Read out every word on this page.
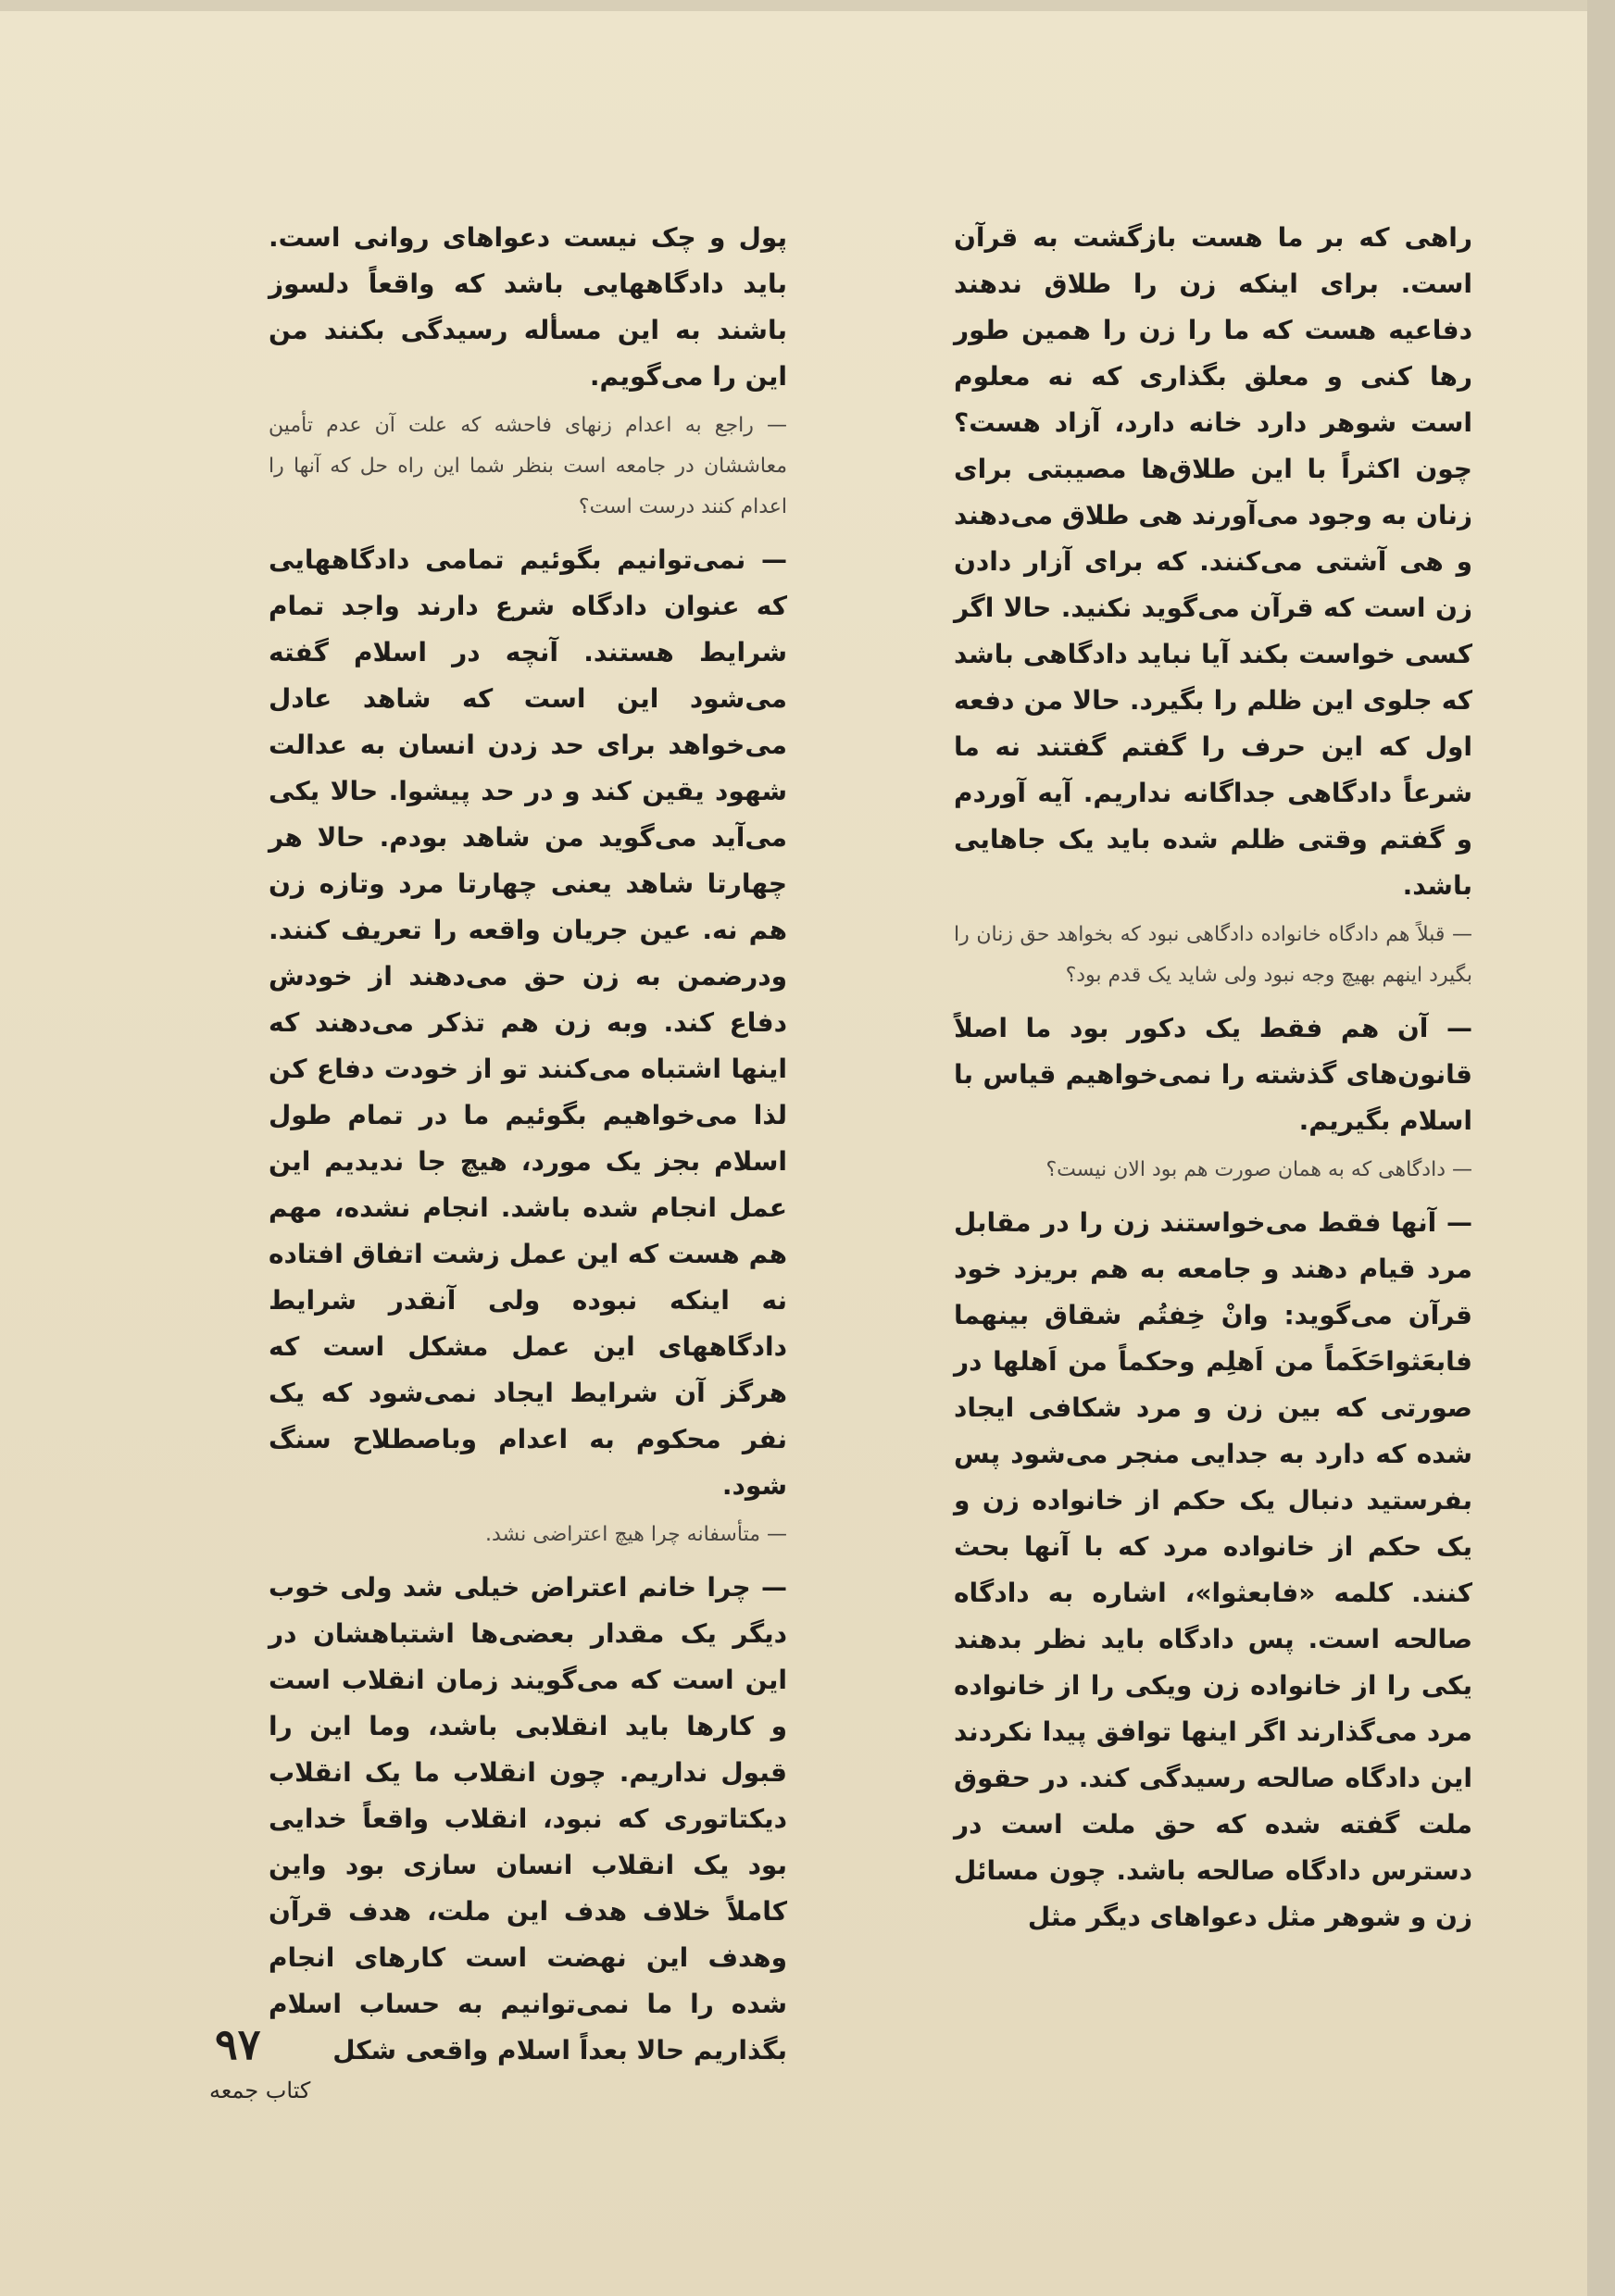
راهی که بر ما هست بازگشت به قرآن است. برای اینکه زن را طلاق ندهند دفاعیه هست که ما را زن را همین طور رها کنی و معلق بگذاری که نه معلوم است شوهر دارد خانه دارد، آزاد هست؟ چون اکثراً با این طلاق‌ها مصیبتی برای زنان به وجود می‌آورند هی طلاق می‌دهند و هی آشتی می‌کنند. که برای آزار دادن زن است که قرآن می‌گوید نکنید. حالا اگر کسی خواست بکند آیا نباید دادگاهی باشد که جلوی این ظلم را بگیرد. حالا من دفعه اول که این حرف را گفتم گفتند نه ما شرعاً دادگاهی جداگانه نداریم. آیه آوردم و گفتم وقتی ظلم شده باید یک جاهایی باشد.

— قبلاً هم دادگاه خانواده دادگاهی نبود که بخواهد حق زنان را بگیرد اینهم بهیچ وجه نبود ولی شاید یک قدم بود؟

— آن هم فقط یک دکور بود ما اصلاً قانون‌های گذشته را نمی‌خواهیم قیاس با اسلام بگیریم.

— دادگاهی که به همان صورت هم بود الان نیست؟

— آنها فقط می‌خواستند زن را در مقابل مرد قیام دهند و جامعه به هم بریزد خود قرآن می‌گوید: وانْ خِفتُم شقاق بینهما فابعَثواحَکَماً من اَهلِم وحکماً من اَهلها در صورتی که بین زن و مرد شکافی ایجاد شده که دارد به جدایی منجر می‌شود پس بفرستید دنبال یک حکم از خانواده زن و یک حکم از خانواده مرد که با آنها بحث کنند. کلمه «فابعثوا»، اشاره به دادگاه صالحه است. پس دادگاه باید نظر بدهند یکی را از خانواده زن ویکی را از خانواده مرد می‌گذارند اگر اینها توافق پیدا نکردند این دادگاه صالحه رسیدگی کند. در حقوق ملت گفته شده که حق ملت است در دسترس دادگاه صالحه باشد. چون مسائل زن و شوهر مثل دعواهای دیگر مثل

پول و چک نیست دعواهای روانی است. باید دادگاههایی باشد که واقعاً دلسوز باشند به این مسأله رسیدگی بکنند من این را می‌گویم.

— راجع به اعدام زنهای فاحشه که علت آن عدم تأمین معاششان در جامعه است بنظر شما این راه حل که آنها را اعدام کنند درست است؟

— نمی‌توانیم بگوئیم تمامی دادگاههایی که عنوان دادگاه شرع دارند واجد تمام شرایط هستند. آنچه در اسلام گفته می‌شود این است که شاهد عادل می‌خواهد برای حد زدن انسان به عدالت شهود یقین کند و در حد پیشوا. حالا یکی می‌آید می‌گوید من شاهد بودم. حالا هر چهارتا شاهد یعنی چهارتا مرد وتازه زن هم نه. عین جریان واقعه را تعریف کنند. ودرضمن به زن حق می‌دهند از خودش دفاع کند. وبه زن هم تذکر می‌دهند که اینها اشتباه می‌کنند تو از خودت دفاع کن لذا می‌خواهیم بگوئیم ما در تمام طول اسلام بجز یک مورد، هیچ جا ندیدیم این عمل انجام شده باشد. انجام نشده، مهم هم هست که این عمل زشت اتفاق افتاده نه اینکه نبوده ولی آنقدر شرایط دادگاههای این عمل مشکل است که هرگز آن شرایط ایجاد نمی‌شود که یک نفر محکوم به اعدام وباصطلاح سنگ شود.

— متأسفانه چرا هیچ اعتراضی نشد.

— چرا خانم اعتراض خیلی شد ولی خوب دیگر یک مقدار بعضی‌ها اشتباهشان در این است که می‌گویند زمان انقلاب است و کارها باید انقلابی باشد، وما این را قبول نداریم. چون انقلاب ما یک انقلاب دیکتاتوری که نبود، انقلاب واقعاً خدایی بود یک انقلاب انسان سازی بود واین کاملاً خلاف هدف این ملت، هدف قرآن وهدف این نهضت است کارهای انجام شده را ما نمی‌توانیم به حساب اسلام بگذاریم حالا بعداً اسلام واقعی شکل

۹۷
کتاب جمعه
